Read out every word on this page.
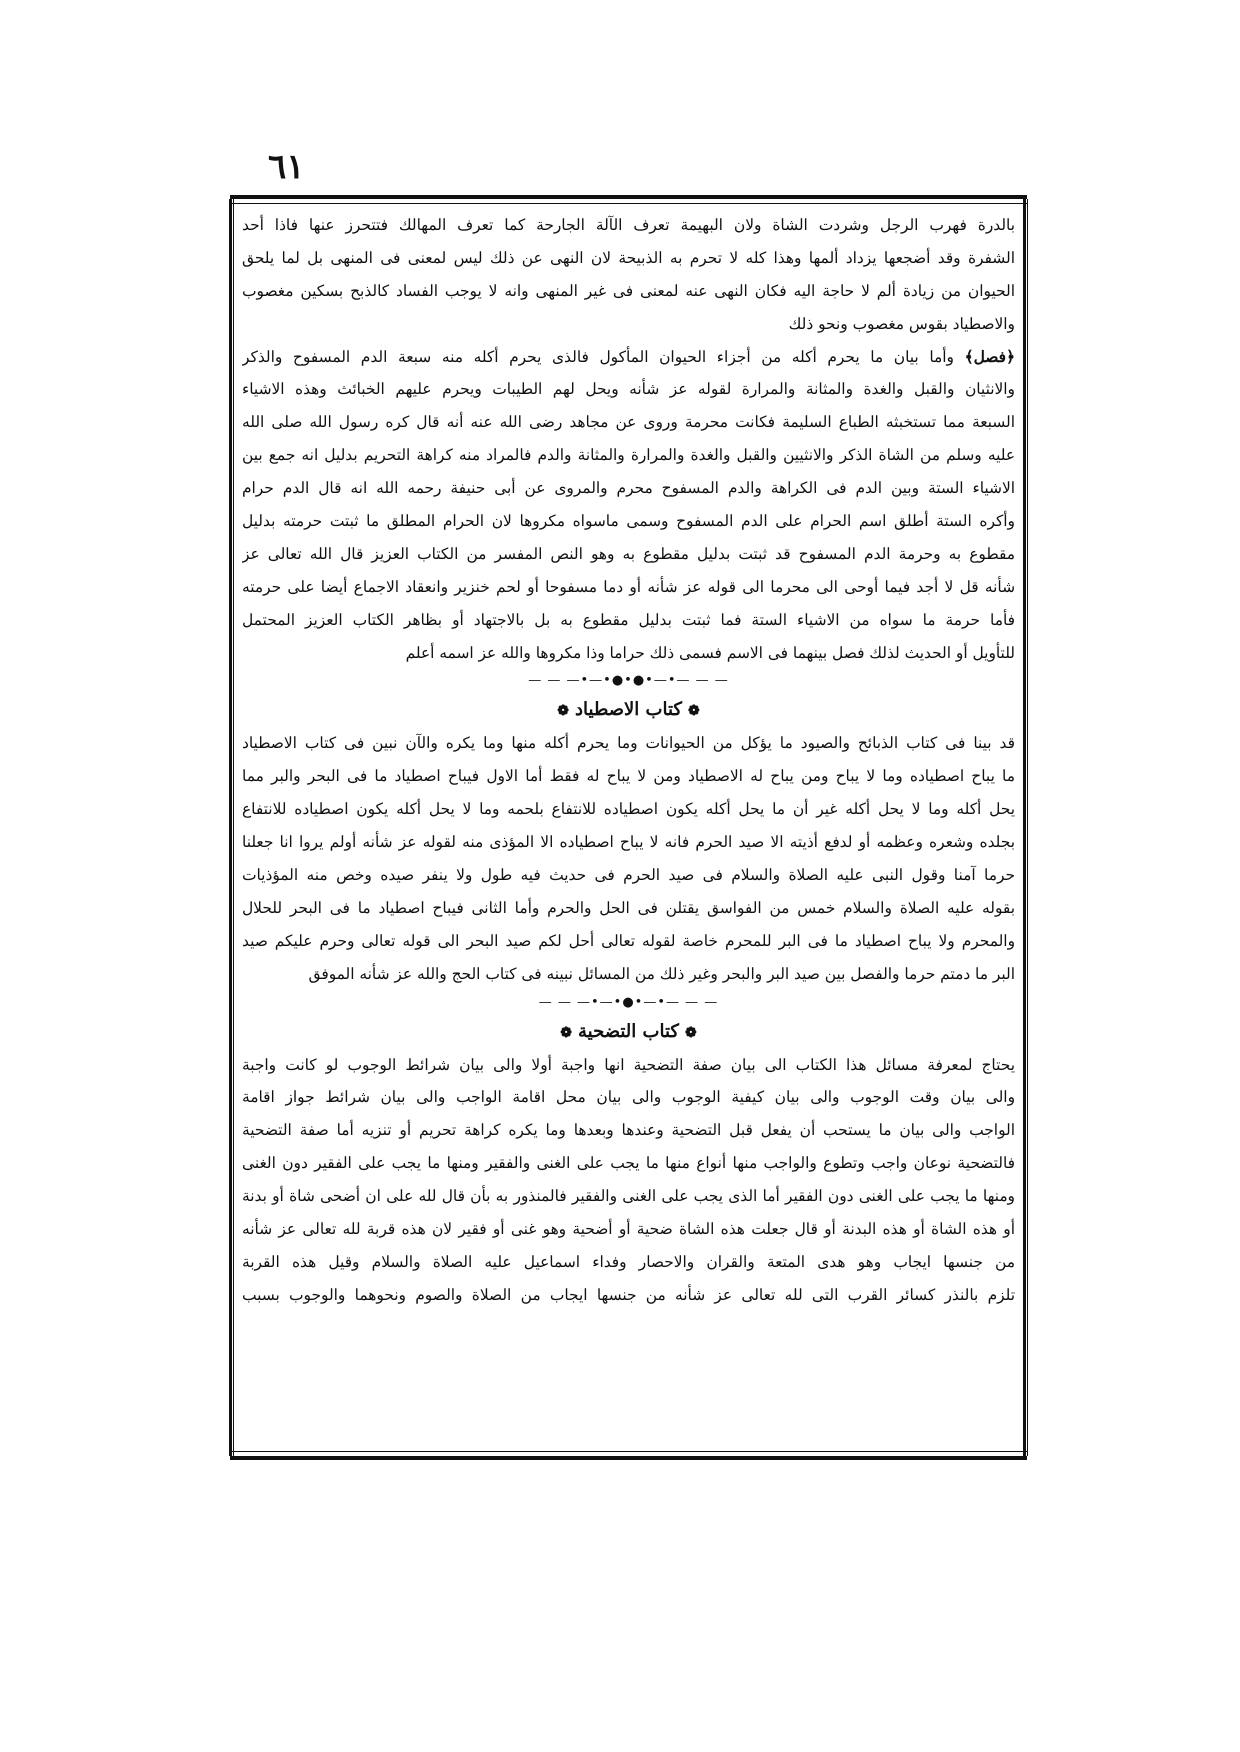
٦١
بالدرة فهرب الرجل وشردت الشاة ولان البهيمة تعرف الآلة الجارحة كما تعرف المهالك فتتحرز عنها فاذا أحد
الشفرة وقد أضجعها يزداد ألمها وهذا كله لا تحرم به الذبيحة لان النهى عن ذلك ليس لمعنى فى المنهى بل لما يلحق
الحيوان من زيادة ألم لا حاجة اليه فكان النهى عنه لمعنى فى غير المنهى وانه لا يوجب الفساد كالذبح بسكين مغصوب
والاصطياد بقوس مغصوب ونحو ذلك
﴿فصل﴾ وأما بيان ما يحرم أكله من أجزاء الحيوان المأكول فالذى يحرم أكله منه سبعة الدم المسفوح والذكر
والانثيان والقبل والغدة والمثانة والمرارة لقوله عز شأنه ويحل لهم الطيبات ويحرم عليهم الخبائث وهذه الاشياء
السبعة مما تستخبثه الطباع السليمة فكانت محرمة وروى عن مجاهد رضى الله عنه أنه قال كره رسول الله صلى الله
عليه وسلم من الشاة الذكر والانثيين والقبل والغدة والمرارة والمثانة والدم فالمراد منه كراهة التحريم بدليل انه جمع بين
الاشياء الستة وبين الدم فى الكراهة والدم المسفوح محرم والمروى عن أبى حنيفة رحمه الله انه قال الدم حرام
وأكره الستة أطلق اسم الحرام على الدم المسفوح وسمى ماسواه مكروها لان الحرام المطلق ما ثبتت حرمته بدليل
مقطوع به وحرمة الدم المسفوح قد ثبتت بدليل مقطوع به وهو النص المفسر من الكتاب العزيز قال الله تعالى عز
شأنه قل لا أجد فيما أوحى الى محرما الى قوله عز شأنه أو دما مسفوحا أو لحم خنزير وانعقاد الاجماع أيضا على حرمته
فأما حرمة ما سواه من الاشياء الستة فما ثبتت بدليل مقطوع به بل بالاجتهاد أو بظاهر الكتاب العزيز المحتمل
للتأويل أو الحديث لذلك فصل بينهما فى الاسم فسمى ذلك حراما وذا مكروها والله عز اسمه أعلم
— — —•—•●•●•—•— — —
❁كتاب الاصطياد❁
قد بينا فى كتاب الذبائح والصيود ما يؤكل من الحيوانات وما يحرم أكله منها وما يكره والآن نبين فى كتاب الاصطياد
ما يباح اصطياده وما لا يباح ومن يباح له الاصطياد ومن لا يباح له فقط أما الاول فيباح اصطياد ما فى البحر والبر مما
يحل أكله وما لا يحل أكله غير أن ما يحل أكله يكون اصطياده للانتفاع بلحمه وما لا يحل أكله يكون اصطياده للانتفاع
بجلده وشعره وعظمه أو لدفع أذيته الا صيد الحرم فانه لا يباح اصطياده الا المؤذى منه لقوله عز شأنه أولم يروا انا جعلنا
حرما آمنا وقول النبى عليه الصلاة والسلام فى صيد الحرم فى حديث فيه طول ولا ينفر صيده وخص منه المؤذيات
بقوله عليه الصلاة والسلام خمس من الفواسق يقتلن فى الحل والحرم وأما الثانى فيباح اصطياد ما فى البحر للحلال
والمحرم ولا يباح اصطياد ما فى البر للمحرم خاصة لقوله تعالى أحل لكم صيد البحر الى قوله تعالى وحرم عليكم صيد
البر ما دمتم حرما والفصل بين صيد البر والبحر وغير ذلك من المسائل نبينه فى كتاب الحج والله عز شأنه الموفق
— — —•—•●•—•— — —
❁كتاب التضحية❁
يحتاج لمعرفة مسائل هذا الكتاب الى بيان صفة التضحية انها واجبة أولا والى بيان شرائط الوجوب لو كانت واجبة
والى بيان وقت الوجوب والى بيان كيفية الوجوب والى بيان محل اقامة الواجب والى بيان شرائط جواز اقامة
الواجب والى بيان ما يستحب أن يفعل قبل التضحية وعندها وبعدها وما يكره كراهة تحريم أو تنزيه أما صفة التضحية
فالتضحية نوعان واجب وتطوع والواجب منها أنواع منها ما يجب على الغنى والفقير ومنها ما يجب على الفقير دون الغنى
ومنها ما يجب على الغنى دون الفقير أما الذى يجب على الغنى والفقير فالمنذور به بأن قال لله على ان أضحى شاة أو بدنة
أو هذه الشاة أو هذه البدنة أو قال جعلت هذه الشاة ضحية أو أضحية وهو غنى أو فقير لان هذه قربة لله تعالى عز شأنه
من جنسها ايجاب وهو هدى المتعة والقران والاحصار وفداء اسماعيل عليه الصلاة والسلام وقيل هذه القربة
تلزم بالنذر كسائر القرب التى لله تعالى عز شأنه من جنسها ايجاب من الصلاة والصوم ونحوهما والوجوب بسبب
